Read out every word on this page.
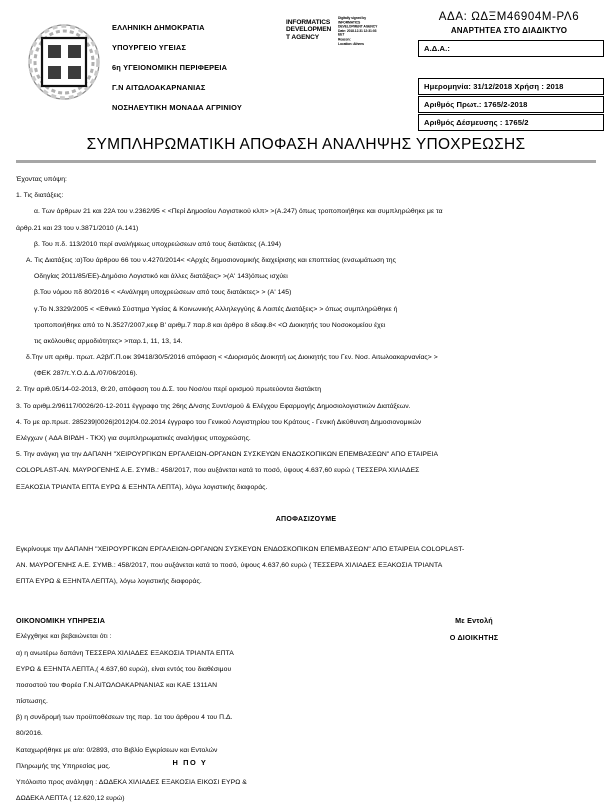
ΕΛΛΗΝΙΚΗ ΔΗΜΟΚΡΑΤΙΑ
ΥΠΟΥΡΓΕΙΟ ΥΓΕΙΑΣ
6η ΥΓΕΙΟΝΟΜΙΚΗ ΠΕΡΙΦΕΡΕΙΑ
Γ.Ν ΑΙΤΩΛΟΑΚΑΡΝΑΝΙΑΣ
ΝΟΣΗΛΕΥΤΙΚΗ ΜΟΝΑΔΑ ΑΓΡΙΝΙΟΥ
INFORMATICS
DEVELOPMEN
T AGENCY
Digitally signed by
INFORMATICS
DEVELOPMENT AGENCY
Date: 2018.12.31 12:31:03
EET
Reason:
Location: Athens
ΑΔΑ: ΩΔΞΜ46904Μ-ΡΛ6
ΑΝΑΡΤΗΤΕΑ ΣΤΟ ΔΙΑΔΙΚΤΥΟ
Α.Δ.Α.:
Ημερομηνία: 31/12/2018 Χρήση : 2018
Αριθμός Πρωτ.: 1765/2-2018
Αριθμός Δέσμευσης : 1765/2
ΣΥΜΠΛΗΡΩΜΑΤΙΚΗ ΑΠΟΦΑΣΗ ΑΝΑΛΗΨΗΣ ΥΠΟΧΡΕΩΣΗΣ
Έχοντας υπόψη:
1. Τις διατάξεις:
α. Των άρθρων 21 και 22Α του ν.2362/95 < <Περί Δημοσίου Λογιστικού κλπ> >(Α.247) όπως τροποποιήθηκε και συμπληρώθηκε με τα
άρθρ.21 και 23 του ν.3871/2010 (Α.141)
β. Του π.δ. 113/2010 περί αναλήψεως υποχρεώσεων από τους διατάκτες (Α.194)
Α. Τις Διατάξεις :α)Του άρθρου 66 του ν.4270/2014< <Αρχές δημοσιονομικής διαχείρισης και εποπτείας (ενσωμάτωση της
Οδηγίας 2011/85/ΕΕ)-Δημόσιο Λογιστικό και άλλες διατάξεις> >(Α' 143)όπως ισχύει
β.Του νόμου πδ 80/2016 < <Ανάληψη υποχρεώσεων από τους διατάκτες> > (Α' 145)
γ.Το Ν.3329/2005 < <Εθνικό Σύστημα Υγείας & Κοινωνικής Αλληλεγγύης & Λοιπές Διατάξεις> > όπως συμπληρώθηκε ή
τροποποιήθηκε από το Ν.3527/2007,κεφ Β' αριθμ.7 παρ.8 και άρθρο 8 εδαφ.8< <Ο Διοικητής του Νοσοκομείου έχει
τις ακόλουθες αρμοδιότητες> >παρ.1, 11, 13, 14.
δ.Την υπ αριθμ. πρωτ. Α2β/Γ.Π.οικ 39418/30/5/2016 απόφαση < <Διορισμός Διοικητή ως Διοικητής του Γεν. Νοσ. Αιτωλοακαρνανίας> >
(ΦΕΚ 287/τ.Υ.Ο.Δ.Δ./07/06/2016).
2. Την αριθ.05/14-02-2013, Θ:20, απόφαση του Δ.Σ. του Νοσ/ου περί ορισμού πρωτεύοντα διατάκτη
3. Το αριθμ.2/96117/0026/20-12-2011 έγγραφο της 26ης Δ/νσης Συντ/σμού & Ελέγχου Εφαρμογής Δημοσιολογιστικών Διατάξεων.
4. Το με αρ.πρωτ. 285239|0026|2012|04.02.2014 έγγραφο του Γενικού Λογιστηρίου του Κράτους - Γενική Διεύθυνση Δημοσιονομικών
Ελέγχων ( ΑΔΑ ΒΙΡΔΗ - ΤΚΧ) για συμπληρωματικές αναλήψεις υποχρεώσης.
5. Την ανάγκη για την ΔΑΠΑΝΗ "ΧΕΙΡΟΥΡΓΙΚΩΝ ΕΡΓΑΛΕΙΩΝ-ΟΡΓΑΝΩΝ ΣΥΣΚΕΥΩΝ ΕΝΔΟΣΚΟΠΙΚΩΝ ΕΠΕΜΒΑΣΕΩΝ" ΑΠΟ ΕΤΑΙΡΕΙΑ
COLOPLAST-ΑΝ. ΜΑΥΡΟΓΕΝΗΣ Α.Ε. ΣΥΜΒ.: 458/2017, που αυξάνεται κατά το ποσό, ύψους 4.637,60 ευρώ ( ΤΕΣΣΕΡΑ ΧΙΛΙΑΔΕΣ
ΕΞΑΚΟΣΙΑ ΤΡΙΑΝΤΑ ΕΠΤΑ ΕΥΡΩ & ΕΞΗΝΤΑ ΛΕΠΤΑ), λόγω λογιστικής διαφοράς.
ΑΠΟΦΑΣΙΖΟΥΜΕ
Εγκρίνουμε την ΔΑΠΑΝΗ "ΧΕΙΡΟΥΡΓΙΚΩΝ ΕΡΓΑΛΕΙΩΝ-ΟΡΓΑΝΩΝ ΣΥΣΚΕΥΩΝ ΕΝΔΟΣΚΟΠΙΚΩΝ ΕΠΕΜΒΑΣΕΩΝ" ΑΠΟ ΕΤΑΙΡΕΙΑ COLOPLAST-
ΑΝ. ΜΑΥΡΟΓΕΝΗΣ Α.Ε. ΣΥΜΒ.: 458/2017, που αυξάνεται κατά το ποσό, ύψους 4.637,60 ευρώ ( ΤΕΣΣΕΡΑ ΧΙΛΙΑΔΕΣ ΕΞΑΚΟΣΙΑ ΤΡΙΑΝΤΑ
ΕΠΤΑ ΕΥΡΩ & ΕΞΗΝΤΑ ΛΕΠΤΑ), λόγω λογιστικής διαφοράς.
Με Εντολή
Ο ΔΙΟΙΚΗΤΗΣ
ΟΙΚΟΝΟΜΙΚΗ ΥΠΗΡΕΣΙΑ
Ελέγχθηκε και βεβαιώνεται ότι :
α) η ανωτέρω δαπάνη ΤΕΣΣΕΡΑ ΧΙΛΙΑΔΕΣ ΕΞΑΚΟΣΙΑ ΤΡΙΑΝΤΑ ΕΠΤΑ
ΕΥΡΩ & ΕΞΗΝΤΑ ΛΕΠΤΑ,( 4.637,60 ευρώ), είναι εντός του διαθέσιμου
ποσοστού του Φορέα Γ.Ν.ΑΙΤΩΛΟΑΚΑΡΝΑΝΙΑΣ και ΚΑΕ 1311ΑΝ
πίστωσης.
β) η συνδρομή των προϋποθέσεων της παρ. 1α του άρθρου 4 του Π.Δ.
80/2016.
Καταχωρήθηκε με α/α: 0/2893, στο Βιβλίο Εγκρίσεων και Εντολών
Πληρωμής της Υπηρεσίας μας.
Υπόλοιπο προς ανάληψη : ΔΩΔΕΚΑ ΧΙΛΙΑΔΕΣ ΕΞΑΚΟΣΙΑ ΕΙΚΟΣΙ ΕΥΡΩ &
ΔΩΔΕΚΑ ΛΕΠΤΑ ( 12.620,12 ευρώ)
Η ΠΟ Υ
